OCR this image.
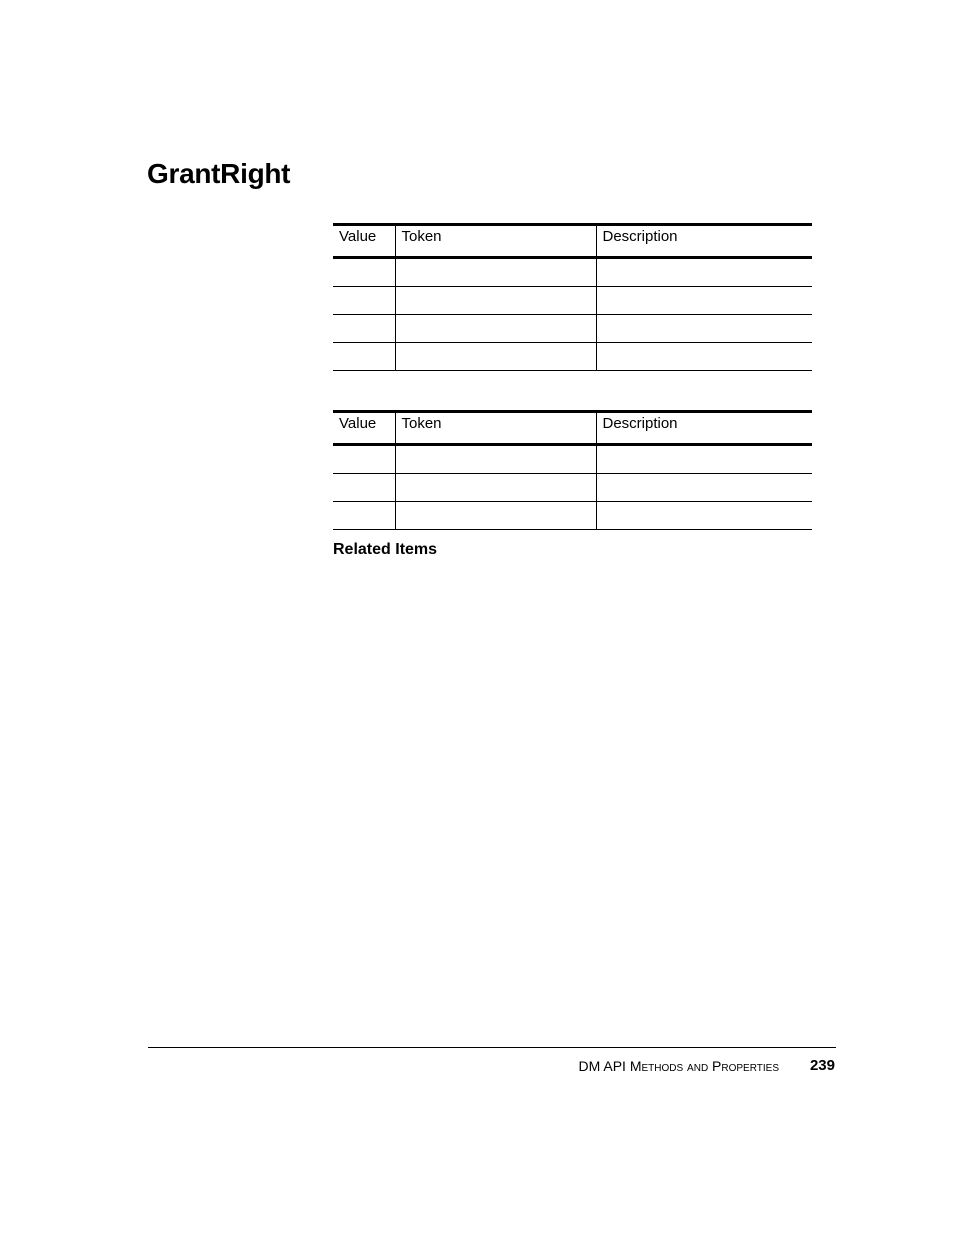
GrantRight
Value	Token	Description

Value	Token	Description

Related Items
DM API Methods and Properties 239
